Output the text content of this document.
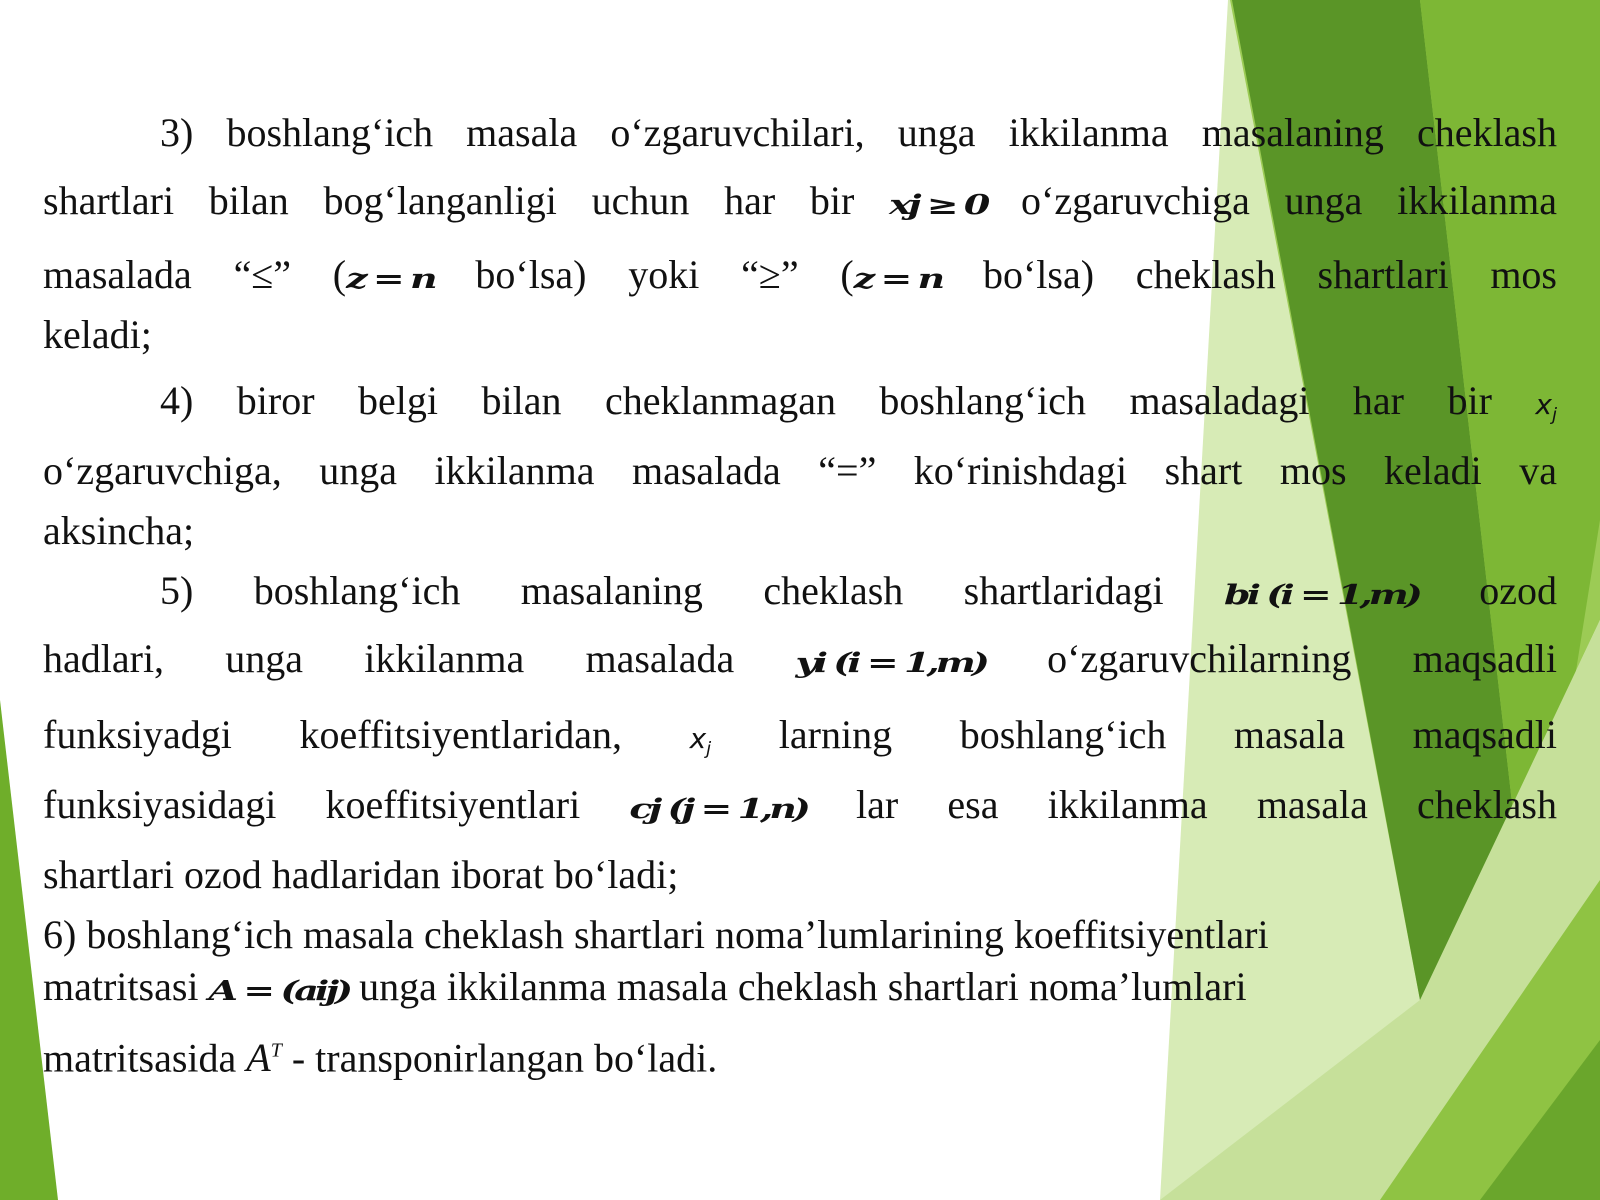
3) boshlang‘ich masala o‘zgaruvchilari, unga ikkilanma masalaning cheklash
shartlari bilan bog‘langanligi uchun har bir xj ≥ 0 o‘zgaruvchiga unga ikkilanma
masalada “≤” (z = n bo‘lsa) yoki “≥” (z = n bo‘lsa) cheklash shartlari mos
keladi;
4) biror belgi bilan cheklanmagan boshlang‘ich masaladagi har bir $x_j$
o‘zgaruvchiga, unga ikkilanma masalada “=” ko‘rinishdagi shart mos keladi va
aksincha;
5) boshlang‘ich masalaning cheklash shartlaridagi bi (i = 1,m) ozod
hadlari, unga ikkilanma masalada yi (i = 1,m) o‘zgaruvchilarning maqsadli
funksiyadgi koeffitsiyentlaridan, $x_j$ larning boshlang‘ich masala maqsadli
funksiyasidagi koeffitsiyentlari cj (j = 1,n) lar esa ikkilanma masala cheklash
shartlari ozod hadlaridan iborat bo‘ladi;
6) boshlang‘ich masala cheklash shartlari noma’lumlarining koeffitsiyentlari
matritsasi A = (aij) unga ikkilanma masala cheklash shartlari noma’lumlari
matritsasida $A^T$ - transponirlangan bo‘ladi.
